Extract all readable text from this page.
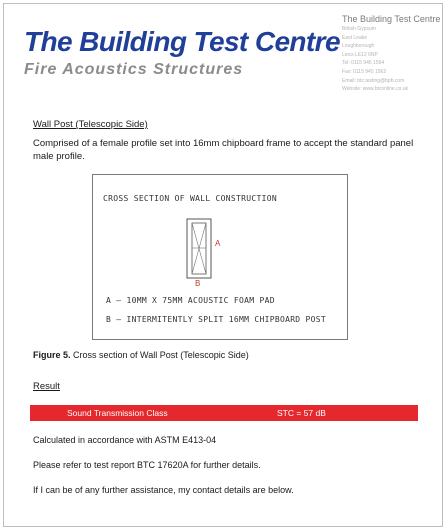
The Building Test Centre
Fire Acoustics Structures
The Building Test Centre
British Gypsum
East Leake
Loughborough
Leics LE12 6NP
Tel: 0115 945 1564
Fax: 0115 945 1562
Email: btc.testing@bpb.com
Website: www.btconline.co.uk
Wall Post (Telescopic Side)
Comprised of a female profile set into 16mm chipboard frame to accept the standard panel male profile.
CROSS SECTION OF WALL CONSTRUCTION
A
B
A – 10MM X 75MM ACOUSTIC FOAM PAD
B – INTERMITENTLY SPLIT 16MM CHIPBOARD POST
Figure 5. Cross section of Wall Post (Telescopic Side)
Result
Sound Transmission Class	STC = 57 dB
Calculated in accordance with ASTM E413-04
Please refer to test report BTC 17620A for further details.
If I can be of any further assistance, my contact details are below.
